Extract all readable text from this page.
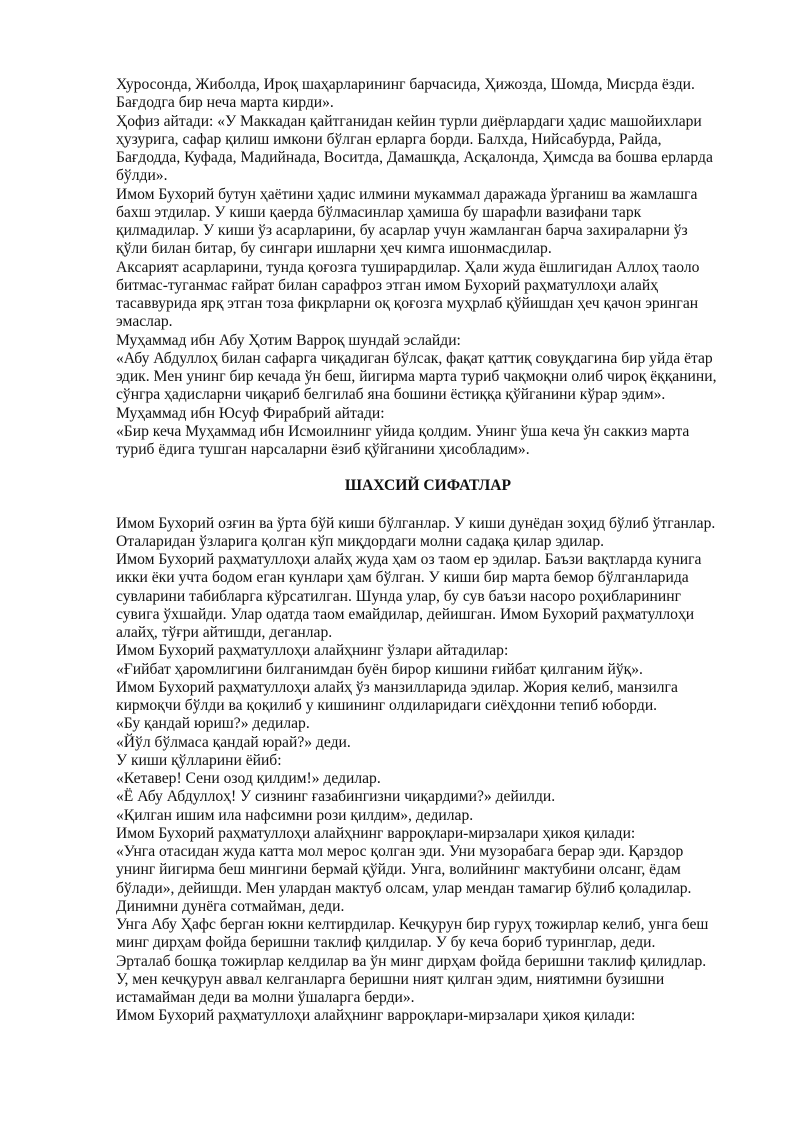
Хуросонда, Жиболда, Ироқ шаҳарларининг барчасида, Ҳижозда, Шомда, Мисрда ёзди.
Бағдодга бир неча марта кирди».

Ҳофиз айтади: «У Маккадан қайтганидан кейин турли диёрлардаги ҳадис машойихлари
ҳузурига, сафар қилиш имкони бўлган ерларга борди. Балхда, Нийсабурда, Райда,
Бағдодда, Куфада, Мадийнада, Воситда, Дамашқда, Асқалонда, Ҳимсда ва бошва ерларда
бўлди».

Имом Бухорий бутун ҳаётини ҳадис илмини мукаммал даражада ўрганиш ва жамлашга
бахш этдилар. У киши қаерда бўлмасинлар ҳамиша бу шарафли вазифани тарк
қилмадилар. У киши ўз асарларини, бу асарлар учун жамланган барча захираларни ўз
қўли билан битар, бу сингари ишларни ҳеч кимга ишонмасдилар.

Аксарият асарларини, тунда қоғозга туширардилар. Ҳали жуда ёшлигидан Аллоҳ таоло
битмас-туганмас ғайрат билан сарафроз этган имом Бухорий раҳматуллоҳи алайҳ
тасаввурида ярқ этган тоза фикрларни оқ қоғозга муҳрлаб қўйишдан ҳеч қачон эринган
эмаслар.

Муҳаммад ибн Абу Ҳотим Варроқ шундай эслайди:

«Абу Абдуллоҳ билан сафарга чиқадиган бўлсак, фақат қаттиқ совуқдагина бир уйда ётар
эдик. Мен унинг бир кечада ўн беш, йигирма марта туриб чақмоқни олиб чироқ ёққанини,
сўнгра ҳадисларни чиқариб белгилаб яна бошини ёстиққа қўйганини кўрар эдим».

Муҳаммад ибн Юсуф Фирабрий айтади:

«Бир кеча Муҳаммад ибн Исмоилнинг уйида қолдим. Унинг ўша кеча ўн саккиз марта
туриб ёдига тушган нарсаларни ёзиб қўйганини ҳисобладим».

ШАХСИЙ СИФАТЛАР

Имом Бухорий озғин ва ўрта бўй киши бўлганлар. У киши дунёдан зоҳид бўлиб ўтганлар.
Оталаридан ўзларига қолган кўп миқдордаги молни садақа қилар эдилар.

Имом Бухорий раҳматуллоҳи алайҳ жуда ҳам оз таом ер эдилар. Баъзи вақтларда кунига
икки ёки учта бодом еган кунлари ҳам бўлган. У киши бир марта бемор бўлганларида
сувларини табибларга кўрсатилган. Шунда улар, бу сув баъзи насоро роҳибларининг
сувига ўхшайди. Улар одатда таом емайдилар, дейишган. Имом Бухорий раҳматуллоҳи
алайҳ, тўғри айтишди, деганлар.

Имом Бухорий раҳматуллоҳи алайҳнинг ўзлари айтадилар:

«Ғийбат ҳаромлигини билганимдан буён бирор кишини ғийбат қилганим йўқ».

Имом Бухорий раҳматуллоҳи алайҳ ўз манзилларида эдилар. Жория келиб, манзилга
кирмоқчи бўлди ва қоқилиб у кишининг олдиларидаги сиёҳдонни тепиб юборди.

«Бу қандай юриш?» дедилар.

«Йўл бўлмаса қандай юрай?» деди.

У киши қўлларини ёйиб:

«Кетавер! Сени озод қилдим!» дедилар.

«Ё Абу Абдуллоҳ! У сизнинг ғазабингизни чиқардими?» дейилди.

«Қилган ишим ила нафсимни рози қилдим», дедилар.

Имом Бухорий раҳматуллоҳи алайҳнинг варроқлари-мирзалари ҳикоя қилади:

«Унга отасидан жуда катта мол мерос қолган эди. Уни музорабага берар эди. Қарздор
унинг йигирма беш мингини бермай қўйди. Унга, волийнинг мактубини олсанг, ёдам
бўлади», дейишди. Мен улардан мактуб олсам, улар мендан тамагир бўлиб қоладилар.
Динимни дунёга сотмайман, деди.

Унга Абу Ҳафс берган юкни келтирдилар. Кечқурун бир гуруҳ тожирлар келиб, унга беш
минг дирҳам фойда беришни таклиф қилдилар. У бу кеча бориб туринглар, деди.
Эрталаб бошқа тожирлар келдилар ва ўн минг дирҳам фойда беришни таклиф қилидлар.
У, мен кечқурун аввал келганларга беришни ният қилган эдим, ниятимни бузишни
истамайман деди ва молни ўшаларга берди».

Имом Бухорий раҳматуллоҳи алайҳнинг варроқлари-мирзалари ҳикоя қилади:
